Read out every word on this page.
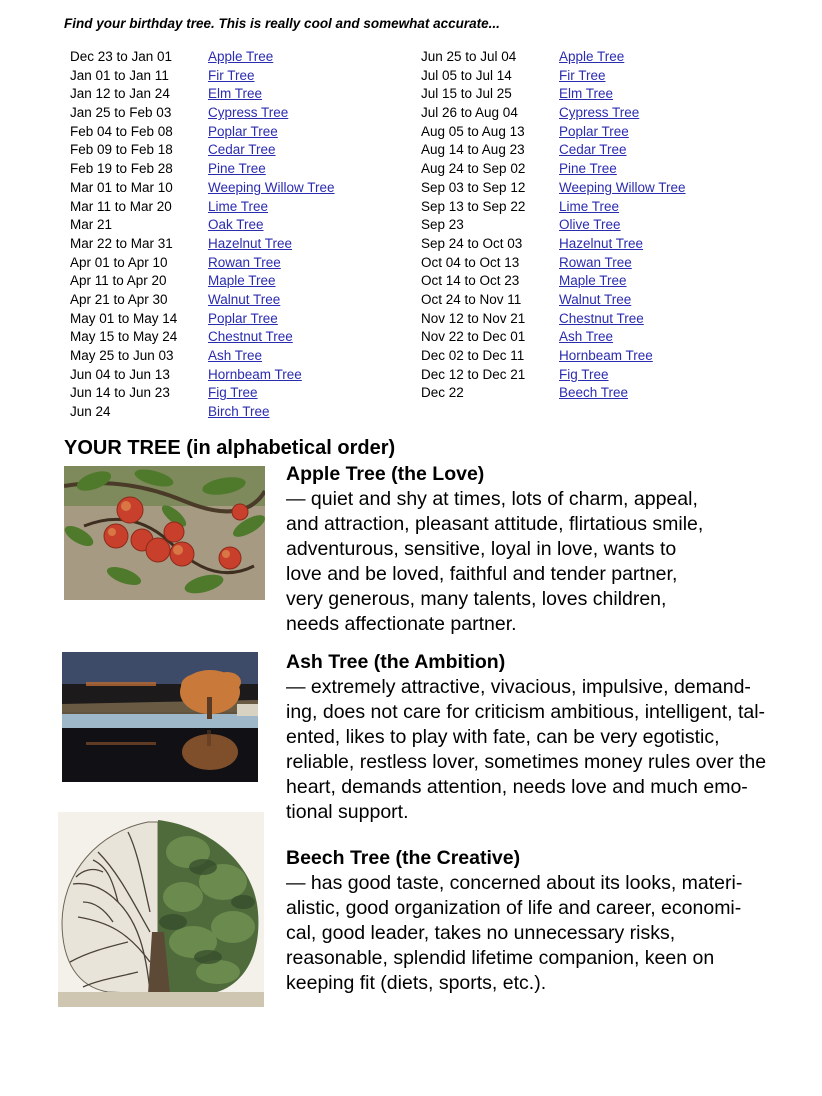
Find your birthday tree. This is really cool and somewhat accurate...
Dec 23 to Jan 01	Apple Tree
Jan 01 to Jan 11	Fir Tree
Jan 12 to Jan 24	Elm Tree
Jan 25 to Feb 03	Cypress Tree
Feb 04 to Feb 08	Poplar Tree
Feb 09 to Feb 18	Cedar Tree
Feb 19 to Feb 28	Pine Tree
Mar 01 to Mar 10	Weeping Willow Tree
Mar 11 to Mar 20	Lime Tree
Mar 21	Oak Tree
Mar 22 to Mar 31	Hazelnut Tree
Apr 01 to Apr 10	Rowan Tree
Apr 11 to Apr 20	Maple Tree
Apr 21 to Apr 30	Walnut Tree
May 01 to May 14	Poplar Tree
May 15 to May 24	Chestnut Tree
May 25 to Jun 03	Ash Tree
Jun 04 to Jun 13	Hornbeam Tree
Jun 14 to Jun 23	Fig Tree
Jun 24	Birch Tree
Jun 25 to Jul 04	Apple Tree
Jul 05 to Jul 14	Fir Tree
Jul 15 to Jul 25	Elm Tree
Jul 26 to Aug 04	Cypress Tree
Aug 05 to Aug 13	Poplar Tree
Aug 14 to Aug 23	Cedar Tree
Aug 24 to Sep 02	Pine Tree
Sep 03 to Sep 12	Weeping Willow Tree
Sep 13 to Sep 22	Lime Tree
Sep 23	Olive Tree
Sep 24 to Oct 03	Hazelnut Tree
Oct 04 to Oct 13	Rowan Tree
Oct 14 to Oct 23	Maple Tree
Oct 24 to Nov 11	Walnut Tree
Nov 12 to Nov 21	Chestnut Tree
Nov 22 to Dec 01	Ash Tree
Dec 02 to Dec 11	Hornbeam Tree
Dec 12 to Dec 21	Fig Tree
Dec 22	Beech Tree
YOUR TREE (in alphabetical order)
Apple Tree (the Love)
— quiet and shy at times, lots of charm, appeal,
and attraction, pleasant attitude, flirtatious smile,
adventurous, sensitive, loyal in love, wants to
love and be loved, faithful and tender partner,
very generous, many talents, loves children,
needs affectionate partner.
Ash Tree (the Ambition)
— extremely attractive, vivacious, impulsive, demand-
ing, does not care for criticism ambitious, intelligent, tal-
ented, likes to play with fate, can be very egotistic,
reliable, restless lover, sometimes money rules over the
heart, demands attention, needs love and much emo-
tional support.
Beech Tree (the Creative)
— has good taste, concerned about its looks, materi-
alistic, good organization of life and career, economi-
cal, good leader, takes no unnecessary risks,
reasonable, splendid lifetime companion, keen on
keeping fit (diets, sports, etc.).
